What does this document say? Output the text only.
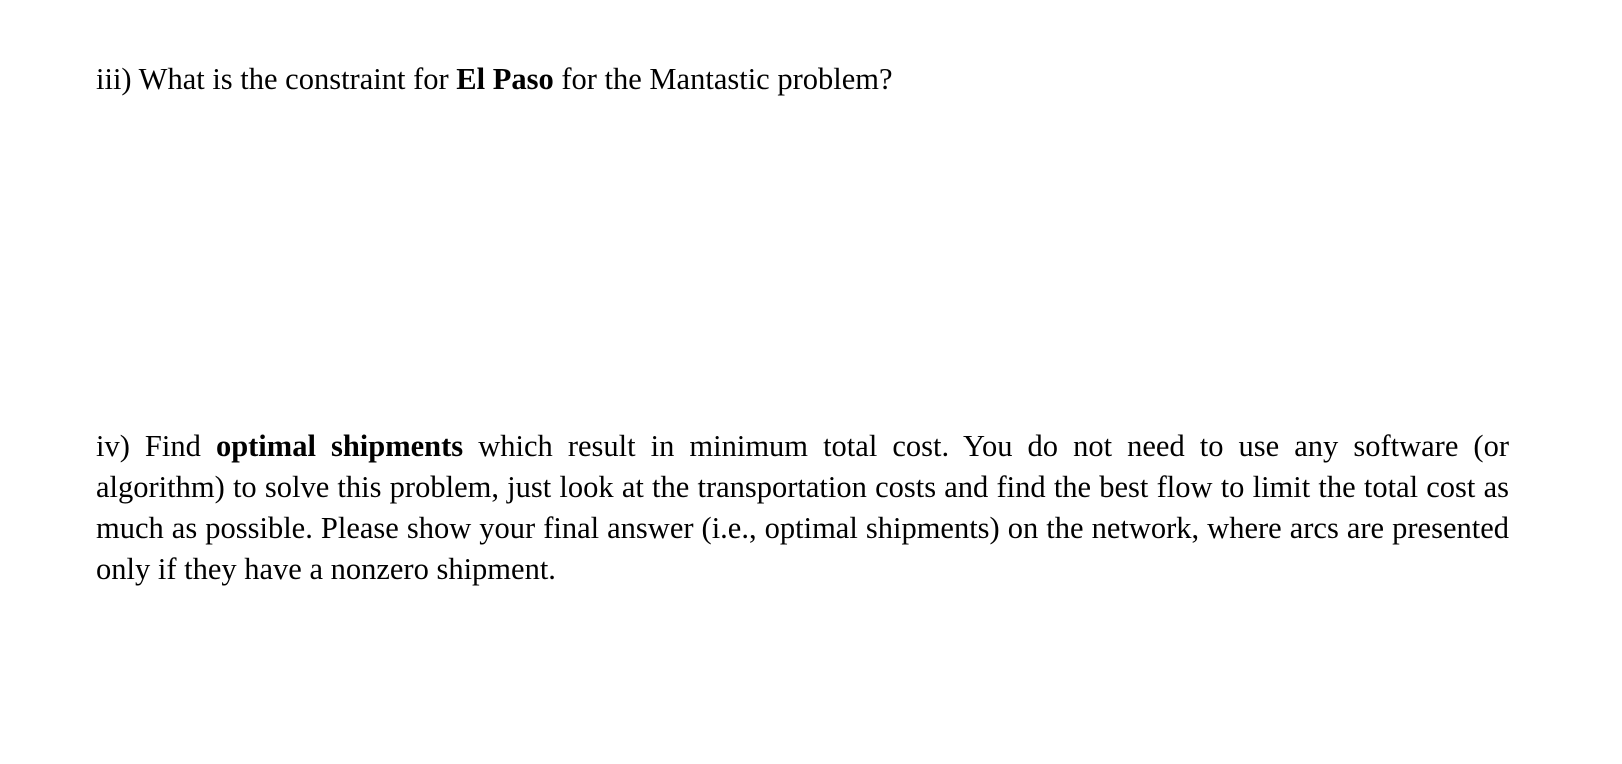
iii) What is the constraint for El Paso for the Mantastic problem?

iv) Find optimal shipments which result in minimum total cost. You do not need to use any software (or algorithm) to solve this problem, just look at the transportation costs and find the best flow to limit the total cost as much as possible. Please show your final answer (i.e., optimal shipments) on the network, where arcs are presented only if they have a nonzero shipment.
